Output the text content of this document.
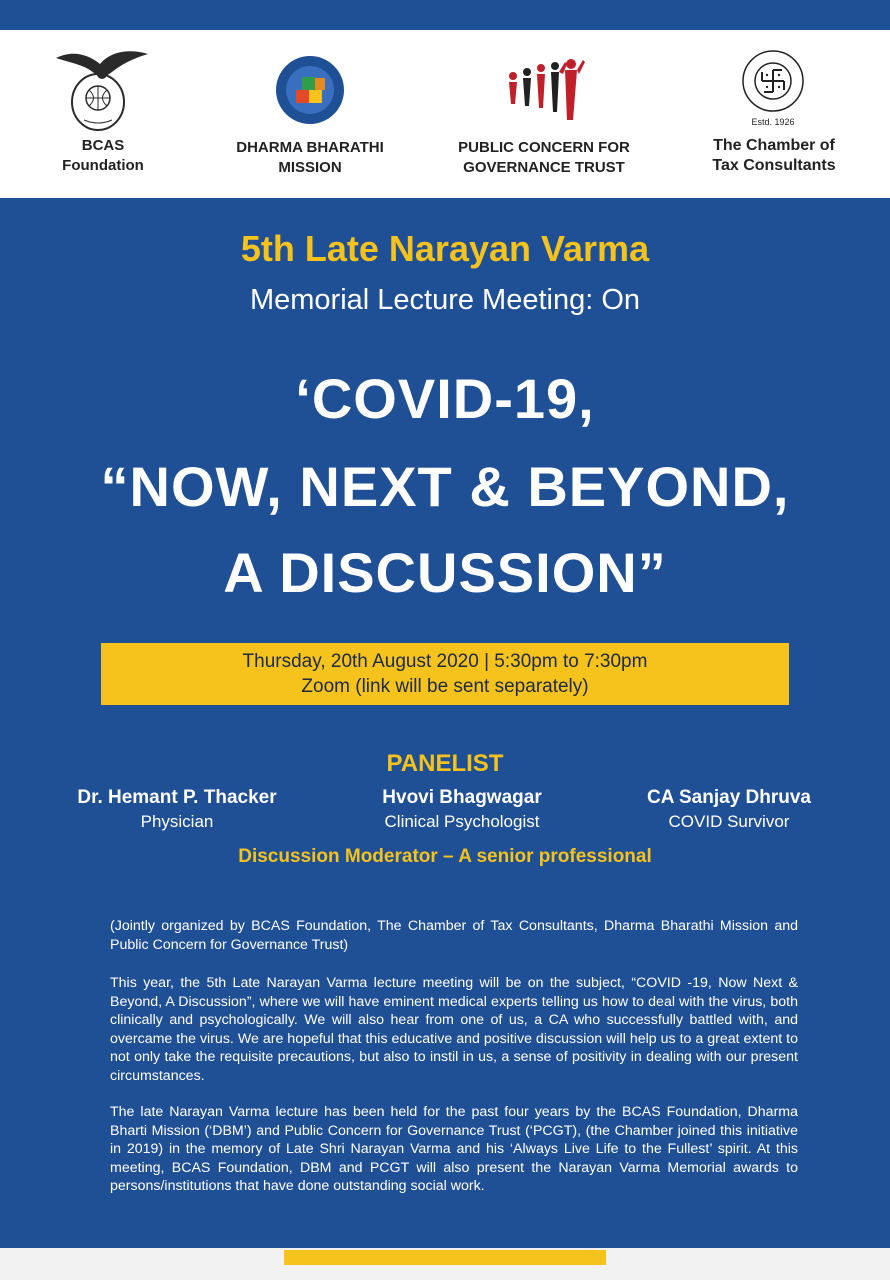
BCAS
Foundation
DHARMA BHARATHI
MISSION
PUBLIC CONCERN FOR
GOVERNANCE TRUST
Estd. 1926
The Chamber of
Tax Consultants
5th Late Narayan Varma
Memorial Lecture Meeting: On
‘COVID-19,
“NOW, NEXT & BEYOND,
A DISCUSSION”
Thursday, 20th August 2020 | 5:30pm to 7:30pm
Zoom (link will be sent separately)
PANELIST
Dr. Hemant P. Thacker
Physician
Hvovi Bhagwagar
Clinical Psychologist
CA Sanjay Dhruva
COVID Survivor
Discussion Moderator – A senior professional
(Jointly organized by BCAS Foundation, The Chamber of Tax Consultants, Dharma Bharathi Mission and Public Concern for Governance Trust)
This year, the 5th Late Narayan Varma lecture meeting will be on the subject, “COVID -19, Now Next & Beyond, A Discussion”, where we will have eminent medical experts telling us how to deal with the virus, both clinically and psychologically. We will also hear from one of us, a CA who successfully battled with, and overcame the virus. We are hopeful that this educative and positive discussion will help us to a great extent to not only take the requisite precautions, but also to instil in us, a sense of positivity in dealing with our present circumstances.
The late Narayan Varma lecture has been held for the past four years by the BCAS Foundation, Dharma Bharti Mission (‘DBM’) and Public Concern for Governance Trust (‘PCGT), (the Chamber joined this initiative in 2019) in the memory of Late Shri Narayan Varma and his ‘Always Live Life to the Fullest’ spirit. At this meeting, BCAS Foundation, DBM and PCGT will also present the Narayan Varma Memorial awards to persons/institutions that have done outstanding social work.
